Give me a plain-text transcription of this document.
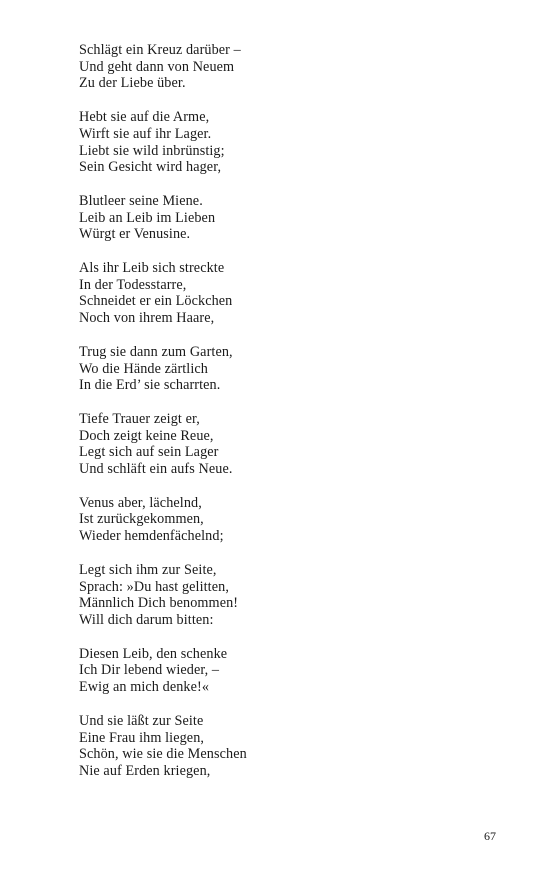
Schlägt ein Kreuz darüber –
Und geht dann von Neuem
Zu der Liebe über.
Hebt sie auf die Arme,
Wirft sie auf ihr Lager.
Liebt sie wild inbrünstig;
Sein Gesicht wird hager,
Blutleer seine Miene.
Leib an Leib im Lieben
Würgt er Venusine.
Als ihr Leib sich streckte
In der Todesstarre,
Schneidet er ein Löckchen
Noch von ihrem Haare,
Trug sie dann zum Garten,
Wo die Hände zärtlich
In die Erd’ sie scharrten.
Tiefe Trauer zeigt er,
Doch zeigt keine Reue,
Legt sich auf sein Lager
Und schläft ein aufs Neue.
Venus aber, lächelnd,
Ist zurückgekommen,
Wieder hemdenfächelnd;
Legt sich ihm zur Seite,
Sprach: »Du hast gelitten,
Männlich Dich benommen!
Will dich darum bitten:
Diesen Leib, den schenke
Ich Dir lebend wieder, –
Ewig an mich denke!«
Und sie läßt zur Seite
Eine Frau ihm liegen,
Schön, wie sie die Menschen
Nie auf Erden kriegen,
67
